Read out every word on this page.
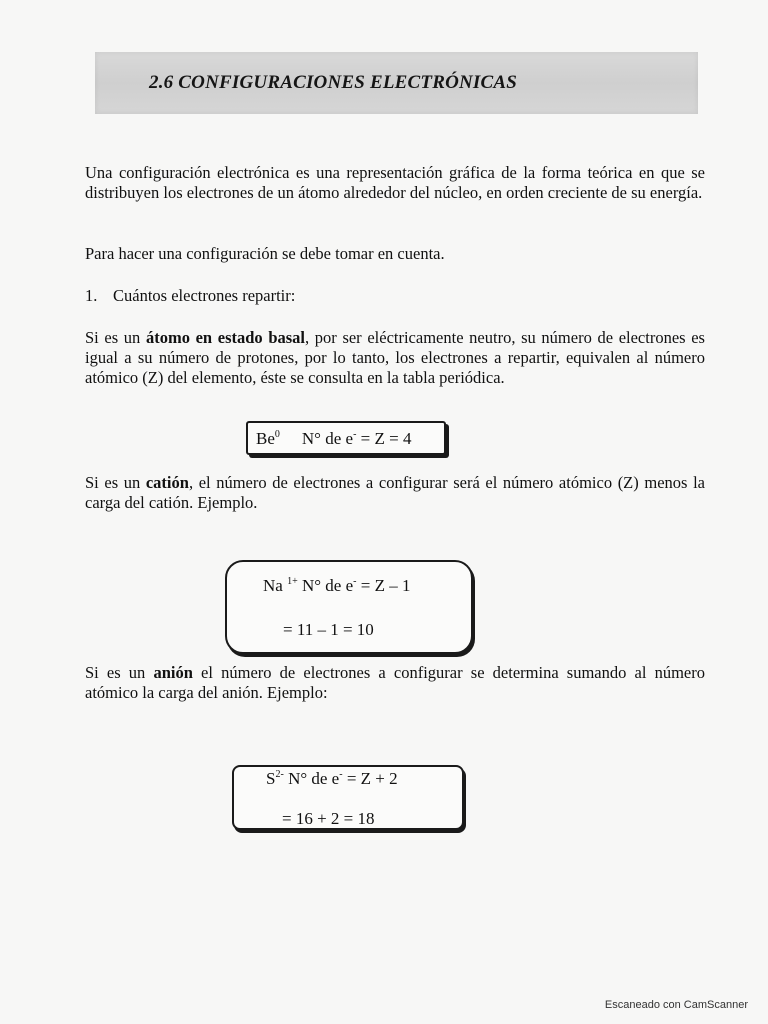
2.6 CONFIGURACIONES ELECTRÓNICAS
Una configuración electrónica es una representación gráfica de la forma teórica en que se distribuyen los electrones de un átomo alrededor del núcleo, en orden creciente de su energía.
Para hacer una configuración se debe tomar en cuenta.
1. Cuántos electrones repartir:
Si es un átomo en estado basal, por ser eléctricamente neutro, su número de electrones es igual a su número de protones, por lo tanto, los electrones a repartir, equivalen al número atómico (Z) del elemento, éste se consulta en la tabla periódica.
Be$^0$ N° de e- = Z = 4
Si es un catión, el número de electrones a configurar será el número atómico (Z) menos la carga del catión. Ejemplo.
Na $^{1+}$ N° de e- = Z – 1
= 11 – 1 = 10
Si es un anión el número de electrones a configurar se determina sumando al número atómico la carga del anión. Ejemplo:
$S^{2-}$ N° de e- = Z + 2
= 16 + 2 = 18
Escaneado con CamScanner
